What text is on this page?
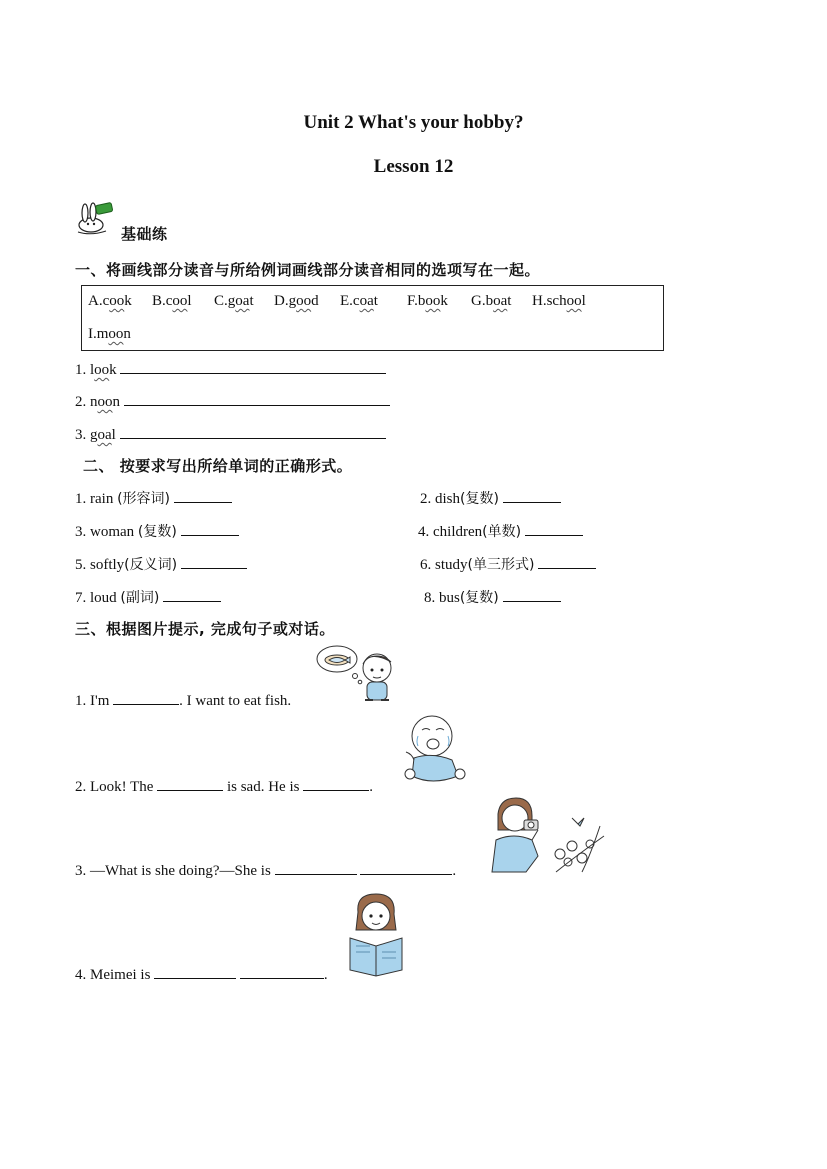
Unit 2 What's your hobby?
Lesson 12
基础练
一、将画线部分读音与所给例词画线部分读音相同的选项写在一起。
A.cook B.cool C.goat D.good E.coat F.book G.boat H.school
I.moon
1. look
2. noon
3. goal
二、 按要求写出所给单词的正确形式。
1. rain (形容词)	2. dish(复数)
3. woman (复数)	4. children(单数)
5. softly(反义词)	6. study(单三形式)
7. loud (副词)	8. bus(复数)
三、根据图片提示, 完成句子或对话。
1. I'm	. I want to eat fish.
2. Look! The	is sad. He is	.
3. —What is she doing?—She is	.
4. Meimei is	.
